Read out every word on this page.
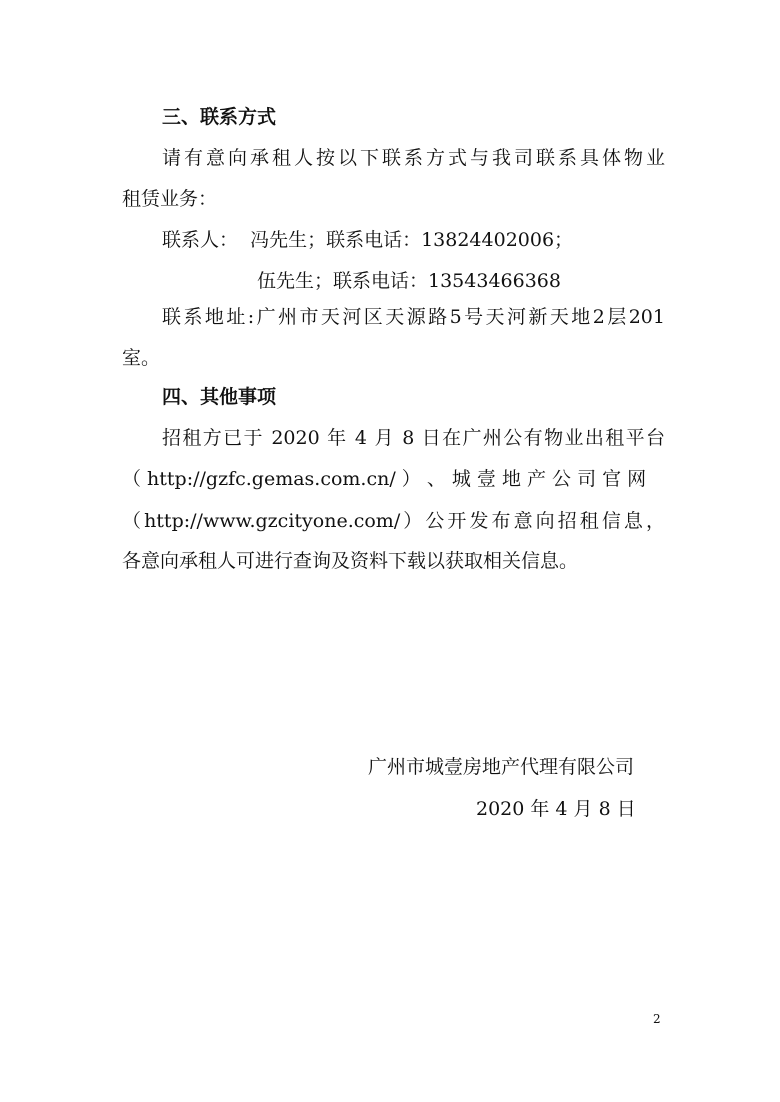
三、联系方式
请有意向承租人按以下联系方式与我司联系具体物业
租赁业务：
联系人：  冯先生；联系电话：13824402006；
伍先生；联系电话：13543466368
联系地址:广州市天河区天源路5号天河新天地2层201
室。
四、其他事项
招租方已于 2020 年 4 月 8 日在广州公有物业出租平台
（ http://gzfc.gemas.com.cn/ ） 、 城 壹 地 产 公 司 官 网
（http://www.gzcityone.com/）公开发布意向招租信息，
各意向承租人可进行查询及资料下载以获取相关信息。
广州市城壹房地产代理有限公司
2020 年 4 月 8 日
2
